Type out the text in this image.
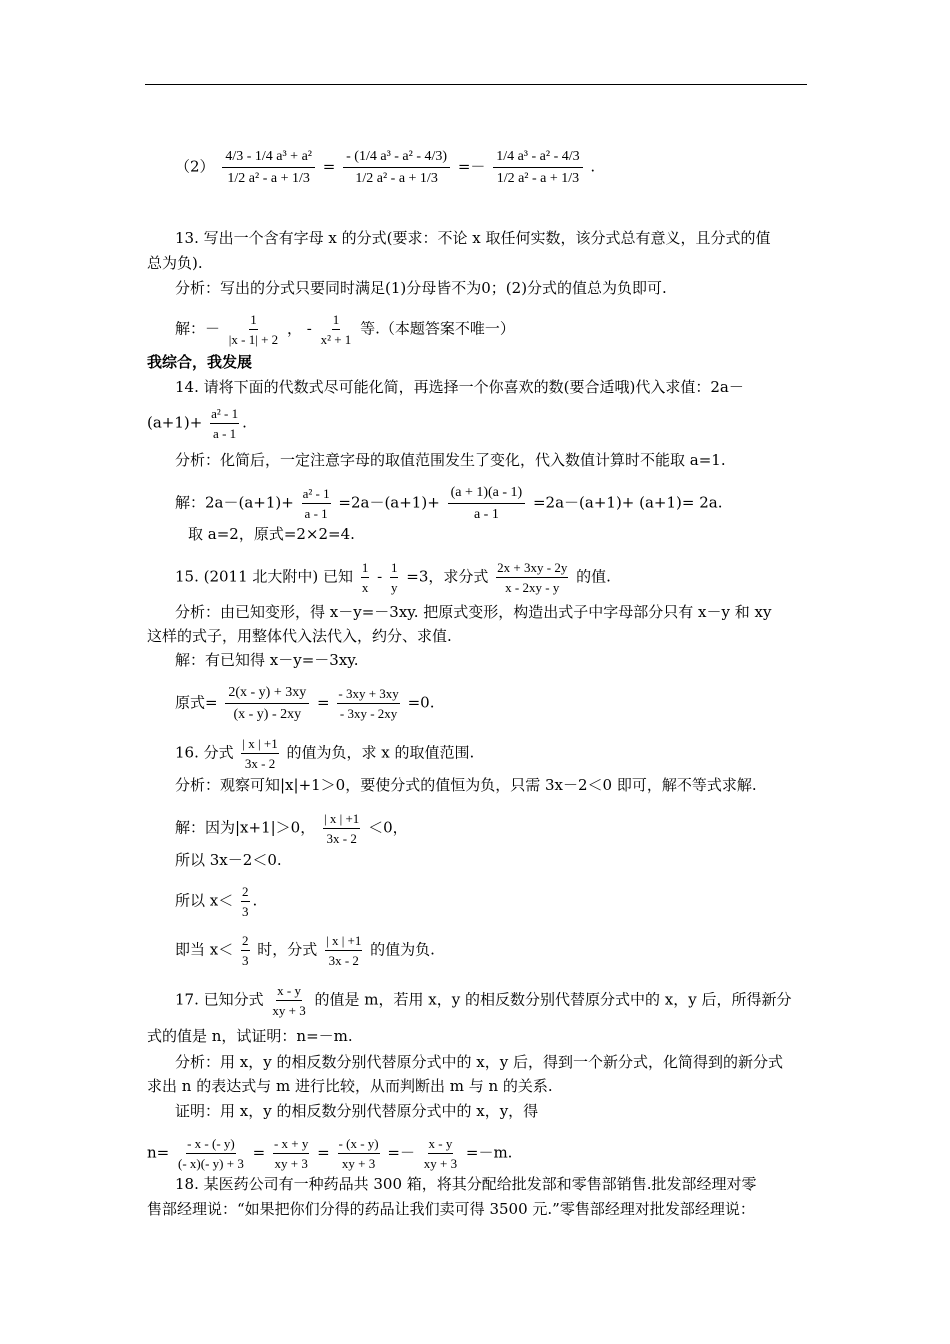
$(2) \frac{\text{4/3 - 1/4 a³ + a²}}{\text{1/2 a² - a + 1/3}} = \frac{\text{- (1/4 a³ - a² - 4/3)}}{\text{1/2 a² - a + 1/3}} =- \frac{\text{1/4 a³ - a² - 4/3}}{\text{1/2 a² - a + 1/3}}$ .
13. 写出一个含有字母 x 的分式(要求：不论 x 取任何实数，该分式总有意义，且分式的值
总为负).
分析：写出的分式只要同时满足(1)分母皆不为0；(2)分式的值总为负即可.
解：－ $\frac{1}{|x - 1| + 2}$ ， - $\frac{1}{\text{x² + 1}}$ 等.（本题答案不唯一）
我综合，我发展
14. 请将下面的代数式尽可能化简，再选择一个你喜欢的数(要合适哦)代入求值：2a－
$(a+1)+ \frac{\text{a² - 1}}{a - 1}$ .
分析：化简后，一定注意字母的取值范围发生了变化，代入数值计算时不能取 a=1.
解：$2a-(a+1)+ \frac{\text{a² - 1}}{a - 1} =2a-(a+1)+ \frac{(a + 1)(a - 1)}{a - 1} =2a-(a+1)+ (a+1)= 2a$.
取 a=2，原式=2×2=4.
15. (2011 北大附中) 已知 $\frac{1}{x} - \frac{1}{y} =3$，求分式 $\frac{2x + 3xy - 2y}{x - 2xy - y}$ 的值.
分析：由已知变形，得 x－y=－3xy. 把原式变形，构造出式子中字母部分只有 x－y 和 xy
这样的式子，用整体代入法代入，约分、求值.
解：有已知得 x－y=－3xy.
原式= $\frac{2(x - y) + 3xy}{(x - y) - 2xy} = \frac{- 3xy + 3xy}{- 3xy - 2xy} =0$.
16. 分式 $\frac{| x | +1}{3x - 2}$ 的值为负，求 x 的取值范围.
分析：观察可知|x|+1＞0，要使分式的值恒为负，只需 3x－2＜0 即可，解不等式求解.
解：因为|x+1|＞0， $\frac{| x | +1}{3x - 2} <0$，
所以 3x－2＜0.
所以 $x< \frac{2}{3}$ .
即当 $x< \frac{2}{3}$ 时，分式 $\frac{| x | +1}{3x - 2}$ 的值为负.
17. 已知分式 $\frac{x - y}{xy + 3}$ 的值是 m，若用 x，y 的相反数分别代替原分式中的 x，y 后，所得新分
式的值是 n，试证明：n=－m.
分析：用 x，y 的相反数分别代替原分式中的 x，y 后，得到一个新分式，化简得到的新分式
求出 n 的表达式与 m 进行比较，从而判断出 m 与 n 的关系.
证明：用 x，y 的相反数分别代替原分式中的 x，y，得
$n= \frac{- x - (- y)}{(- x)(- y) + 3} = \frac{- x + y}{xy + 3} = \frac{- (x - y)}{xy + 3} =- \frac{x - y}{xy + 3} =-m$.
18. 某医药公司有一种药品共 300 箱，将其分配给批发部和零售部销售.批发部经理对零
售部经理说：“如果把你们分得的药品让我们卖可得 3500 元.”零售部经理对批发部经理说：
